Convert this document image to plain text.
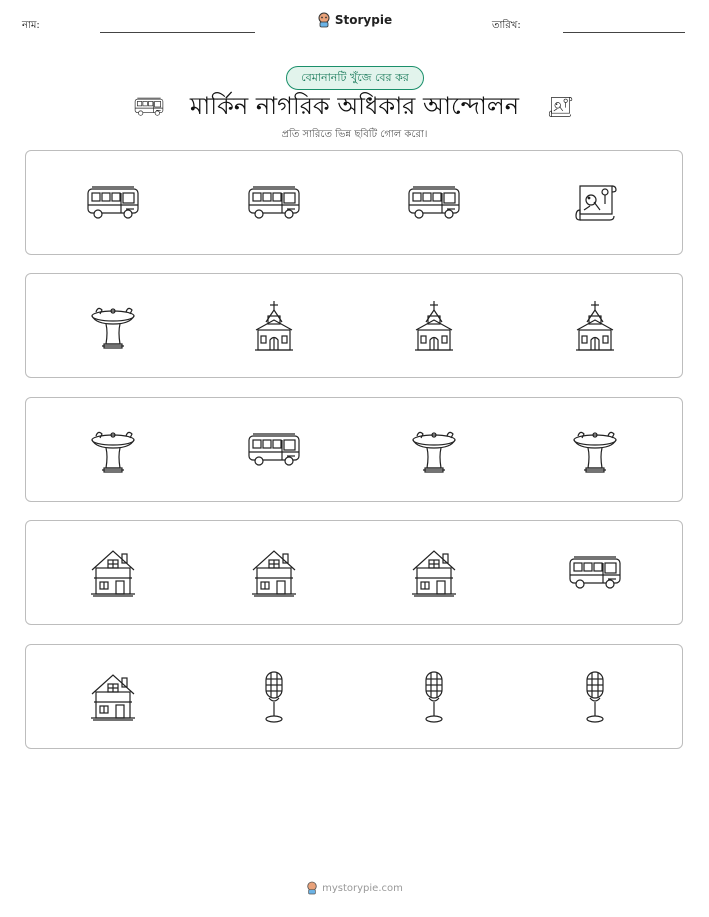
নাম:	Storypie	তারিখ:
বেমানানটি খুঁজে বের কর
মার্কিন নাগরিক অধিকার আন্দোলন
প্রতি সারিতে ভিন্ন ছবিটি গোল করো।
mystorypie.com
